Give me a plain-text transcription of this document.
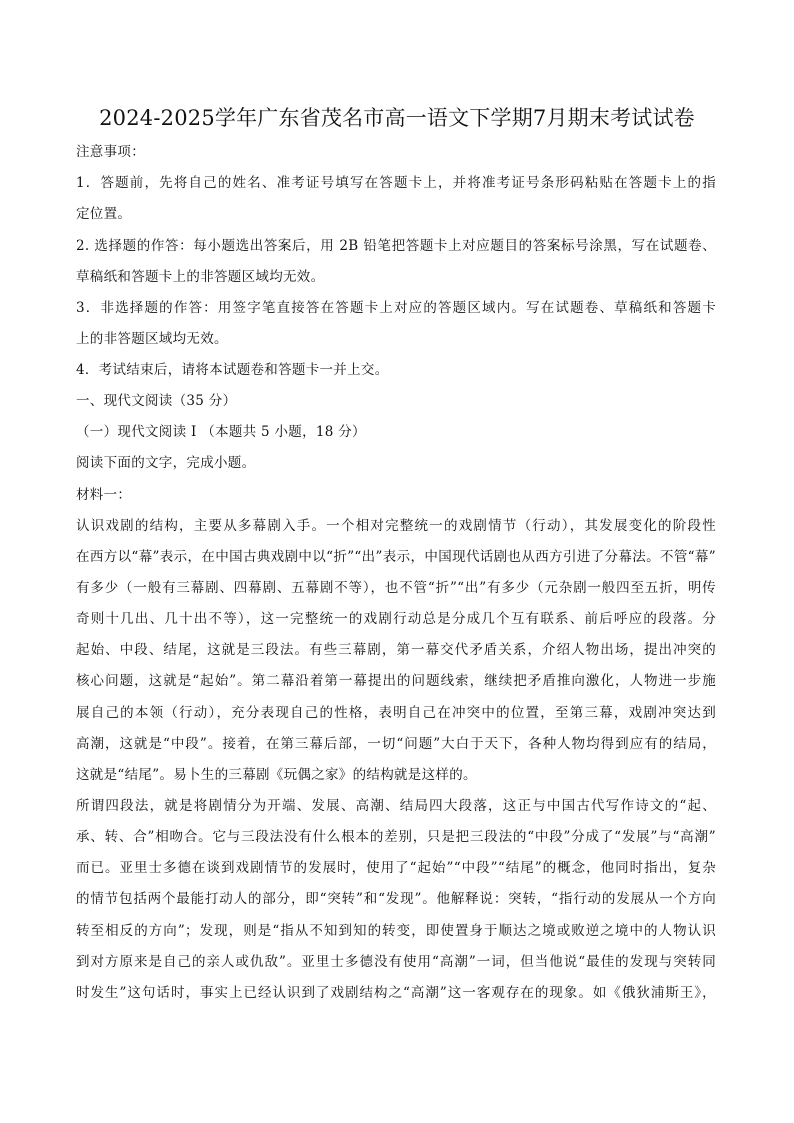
2024-2025学年广东省茂名市高一语文下学期7月期末考试试卷
注意事项：
1．答题前，先将自己的姓名、准考证号填写在答题卡上，并将准考证号条形码粘贴在答题卡上的指
定位置。
2. 选择题的作答：每小题选出答案后，用 2B 铅笔把答题卡上对应题目的答案标号涂黑，写在试题卷、
草稿纸和答题卡上的非答题区域均无效。
3．非选择题的作答：用签字笔直接答在答题卡上对应的答题区域内。写在试题卷、草稿纸和答题卡
上的非答题区域均无效。
4．考试结束后，请将本试题卷和答题卡一并上交。
一、现代文阅读（35 分）
（一）现代文阅读 I （本题共 5 小题，18 分）
阅读下面的文字，完成小题。
材料一：
认识戏剧的结构，主要从多幕剧入手。一个相对完整统一的戏剧情节（行动），其发展变化的阶段性
在西方以“幕”表示，在中国古典戏剧中以“折”“出”表示，中国现代话剧也从西方引进了分幕法。不管“幕”
有多少（一般有三幕剧、四幕剧、五幕剧不等），也不管“折”“出”有多少（元杂剧一般四至五折，明传
奇则十几出、几十出不等），这一完整统一的戏剧行动总是分成几个互有联系、前后呼应的段落。分
起始、中段、结尾，这就是三段法。有些三幕剧，第一幕交代矛盾关系，介绍人物出场，提出冲突的
核心问题，这就是“起始”。第二幕沿着第一幕提出的问题线索，继续把矛盾推向激化，人物进一步施
展自己的本领（行动），充分表现自己的性格，表明自己在冲突中的位置，至第三幕，戏剧冲突达到
高潮，这就是“中段”。接着，在第三幕后部，一切“问题”大白于天下，各种人物均得到应有的结局，
这就是“结尾”。易卜生的三幕剧《玩偶之家》的结构就是这样的。
所谓四段法，就是将剧情分为开端、发展、高潮、结局四大段落，这正与中国古代写作诗文的“起、
承、转、合”相吻合。它与三段法没有什么根本的差别，只是把三段法的“中段”分成了“发展”与“高潮”
而已。亚里士多德在谈到戏剧情节的发展时，使用了“起始”“中段”“结尾”的概念，他同时指出，复杂
的情节包括两个最能打动人的部分，即“突转”和“发现”。他解释说：突转，“指行动的发展从一个方向
转至相反的方向”；发现，则是“指从不知到知的转变，即使置身于顺达之境或败逆之境中的人物认识
到对方原来是自己的亲人或仇敌”。亚里士多德没有使用“高潮”一词，但当他说“最佳的发现与突转同
时发生”这句话时，事实上已经认识到了戏剧结构之“高潮”这一客观存在的现象。如《俄狄浦斯王》，
